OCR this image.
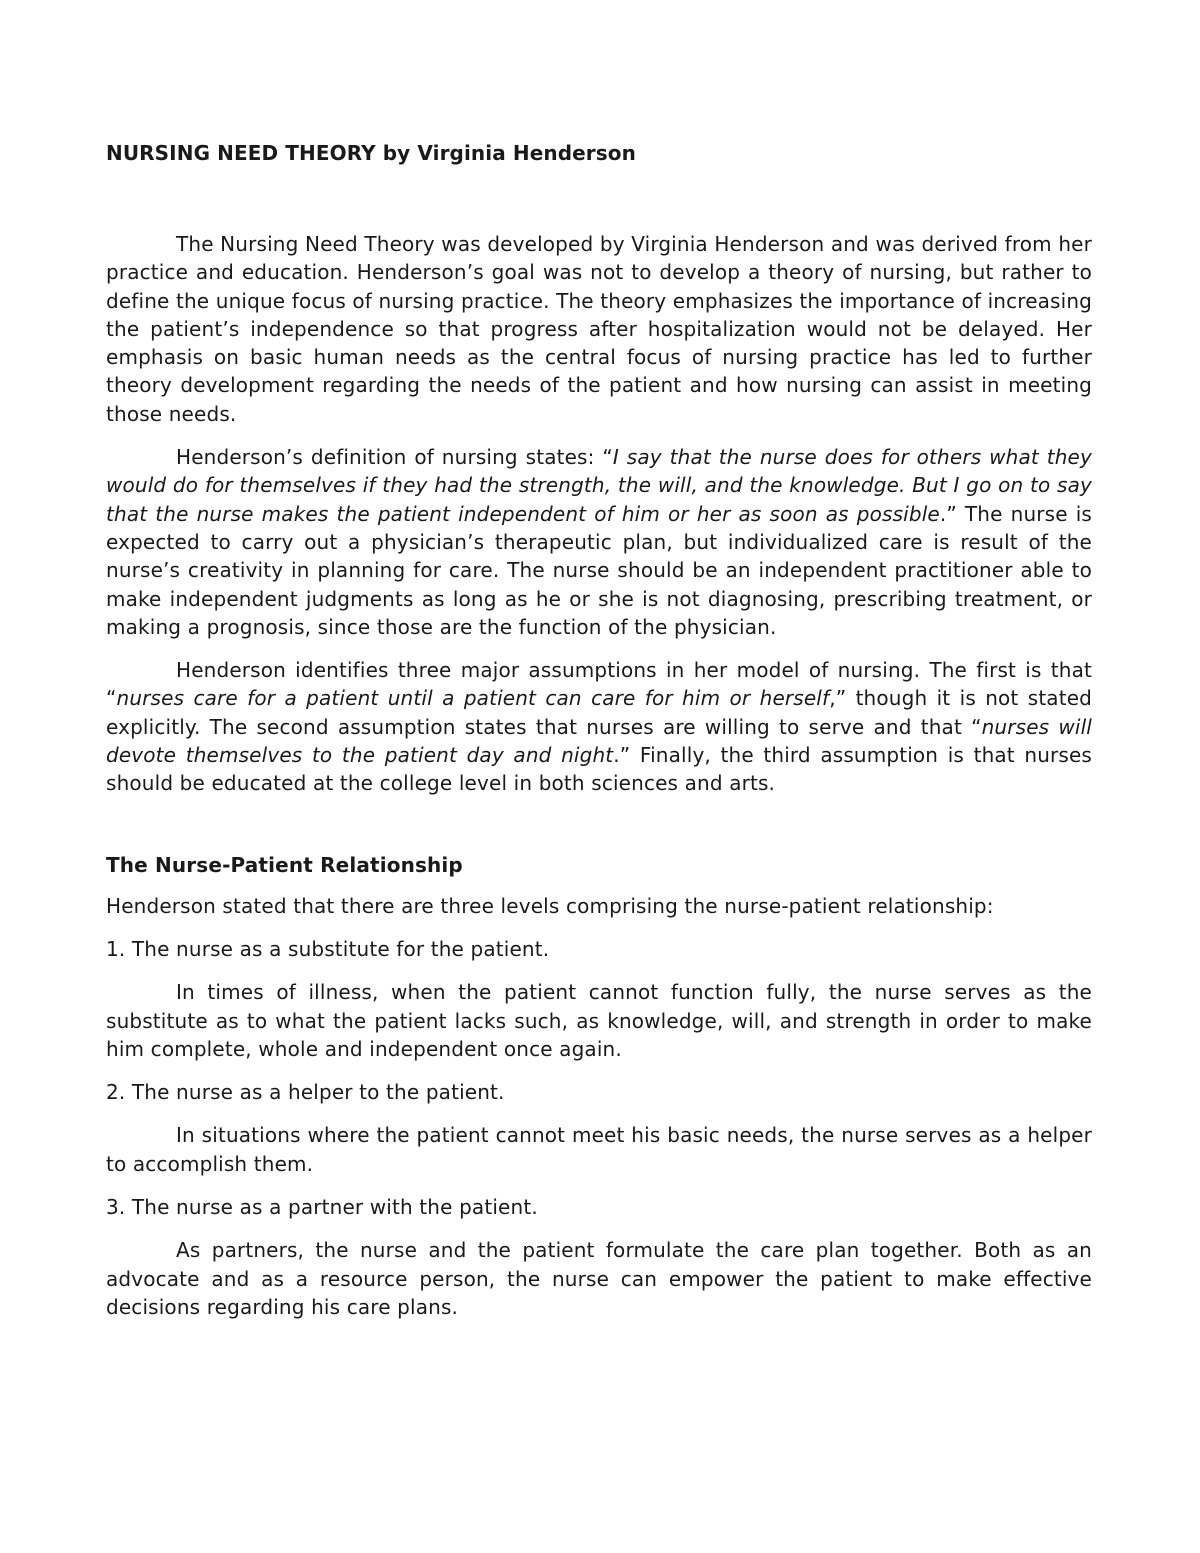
NURSING NEED THEORY by Virginia Henderson

The Nursing Need Theory was developed by Virginia Henderson and was derived from her practice and education. Henderson’s goal was not to develop a theory of nursing, but rather to define the unique focus of nursing practice. The theory emphasizes the importance of increasing the patient’s independence so that progress after hospitalization would not be delayed. Her emphasis on basic human needs as the central focus of nursing practice has led to further theory development regarding the needs of the patient and how nursing can assist in meeting those needs.

Henderson’s definition of nursing states: “I say that the nurse does for others what they would do for themselves if they had the strength, the will, and the knowledge. But I go on to say that the nurse makes the patient independent of him or her as soon as possible.” The nurse is expected to carry out a physician’s therapeutic plan, but individualized care is result of the nurse’s creativity in planning for care. The nurse should be an independent practitioner able to make independent judgments as long as he or she is not diagnosing, prescribing treatment, or making a prognosis, since those are the function of the physician.

Henderson identifies three major assumptions in her model of nursing. The first is that “nurses care for a patient until a patient can care for him or herself,” though it is not stated explicitly. The second assumption states that nurses are willing to serve and that “nurses will devote themselves to the patient day and night.” Finally, the third assumption is that nurses should be educated at the college level in both sciences and arts.

The Nurse-Patient Relationship

Henderson stated that there are three levels comprising the nurse-patient relationship:

1. The nurse as a substitute for the patient.

In times of illness, when the patient cannot function fully, the nurse serves as the substitute as to what the patient lacks such, as knowledge, will, and strength in order to make him complete, whole and independent once again.

2. The nurse as a helper to the patient.

In situations where the patient cannot meet his basic needs, the nurse serves as a helper to accomplish them.

3. The nurse as a partner with the patient.

As partners, the nurse and the patient formulate the care plan together. Both as an advocate and as a resource person, the nurse can empower the patient to make effective decisions regarding his care plans.
